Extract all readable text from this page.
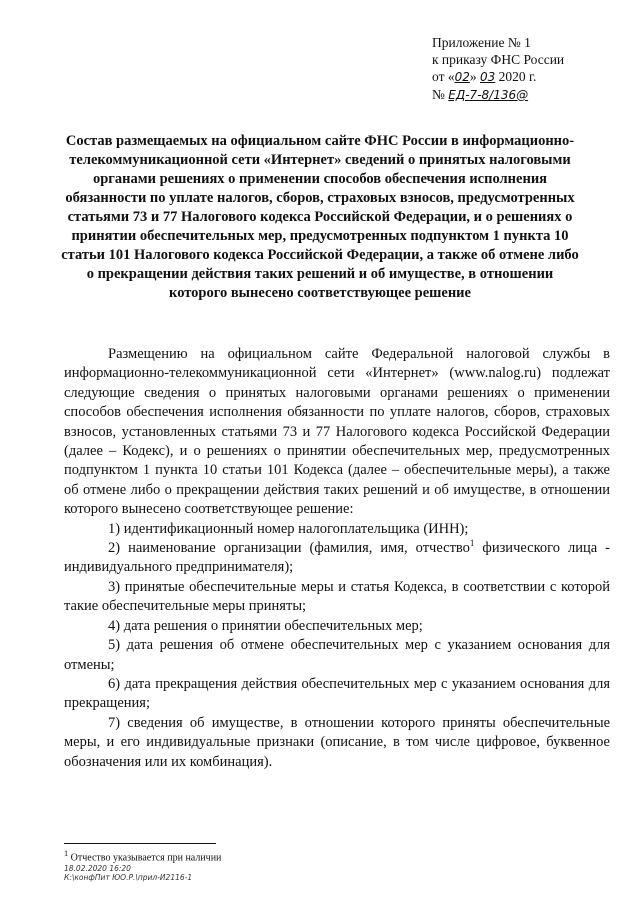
Приложение № 1
к приказу ФНС России
от «02» 03 2020 г.
№ ЕД-7-8/136@
Состав размещаемых на официальном сайте ФНС России в информационно-телекоммуникационной сети «Интернет» сведений о принятых налоговыми органами решениях о применении способов обеспечения исполнения обязанности по уплате налогов, сборов, страховых взносов, предусмотренных статьями 73 и 77 Налогового кодекса Российской Федерации, и о решениях о принятии обеспечительных мер, предусмотренных подпунктом 1 пункта 10 статьи 101 Налогового кодекса Российской Федерации, а также об отмене либо о прекращении действия таких решений и об имуществе, в отношении которого вынесено соответствующее решение

Размещению на официальном сайте Федеральной налоговой службы в информационно-телекоммуникационной сети «Интернет» (www.nalog.ru) подлежат следующие сведения о принятых налоговыми органами решениях о применении способов обеспечения исполнения обязанности по уплате налогов, сборов, страховых взносов, установленных статьями 73 и 77 Налогового кодекса Российской Федерации (далее – Кодекс), и о решениях о принятии обеспечительных мер, предусмотренных подпунктом 1 пункта 10 статьи 101 Кодекса (далее – обеспечительные меры), а также об отмене либо о прекращении действия таких решений и об имуществе, в отношении которого вынесено соответствующее решение:

1) идентификационный номер налогоплательщика (ИНН);

2) наименование организации (фамилия, имя, отчество$^1$ физического лица - индивидуального предпринимателя);

3) принятые обеспечительные меры и статья Кодекса, в соответствии с которой такие обеспечительные меры приняты;

4) дата решения о принятии обеспечительных мер;

5) дата решения об отмене обеспечительных мер с указанием основания для отмены;

6) дата прекращения действия обеспечительных мер с указанием основания для прекращения;

7) сведения об имуществе, в отношении которого приняты обеспечительные меры, и его индивидуальные признаки (описание, в том числе цифровое, буквенное обозначения или их комбинация).

$^1$ Отчество указывается при наличии
18.02.2020 16:20
К:\конфПит ЮО.Р.\прил-И2116-1
